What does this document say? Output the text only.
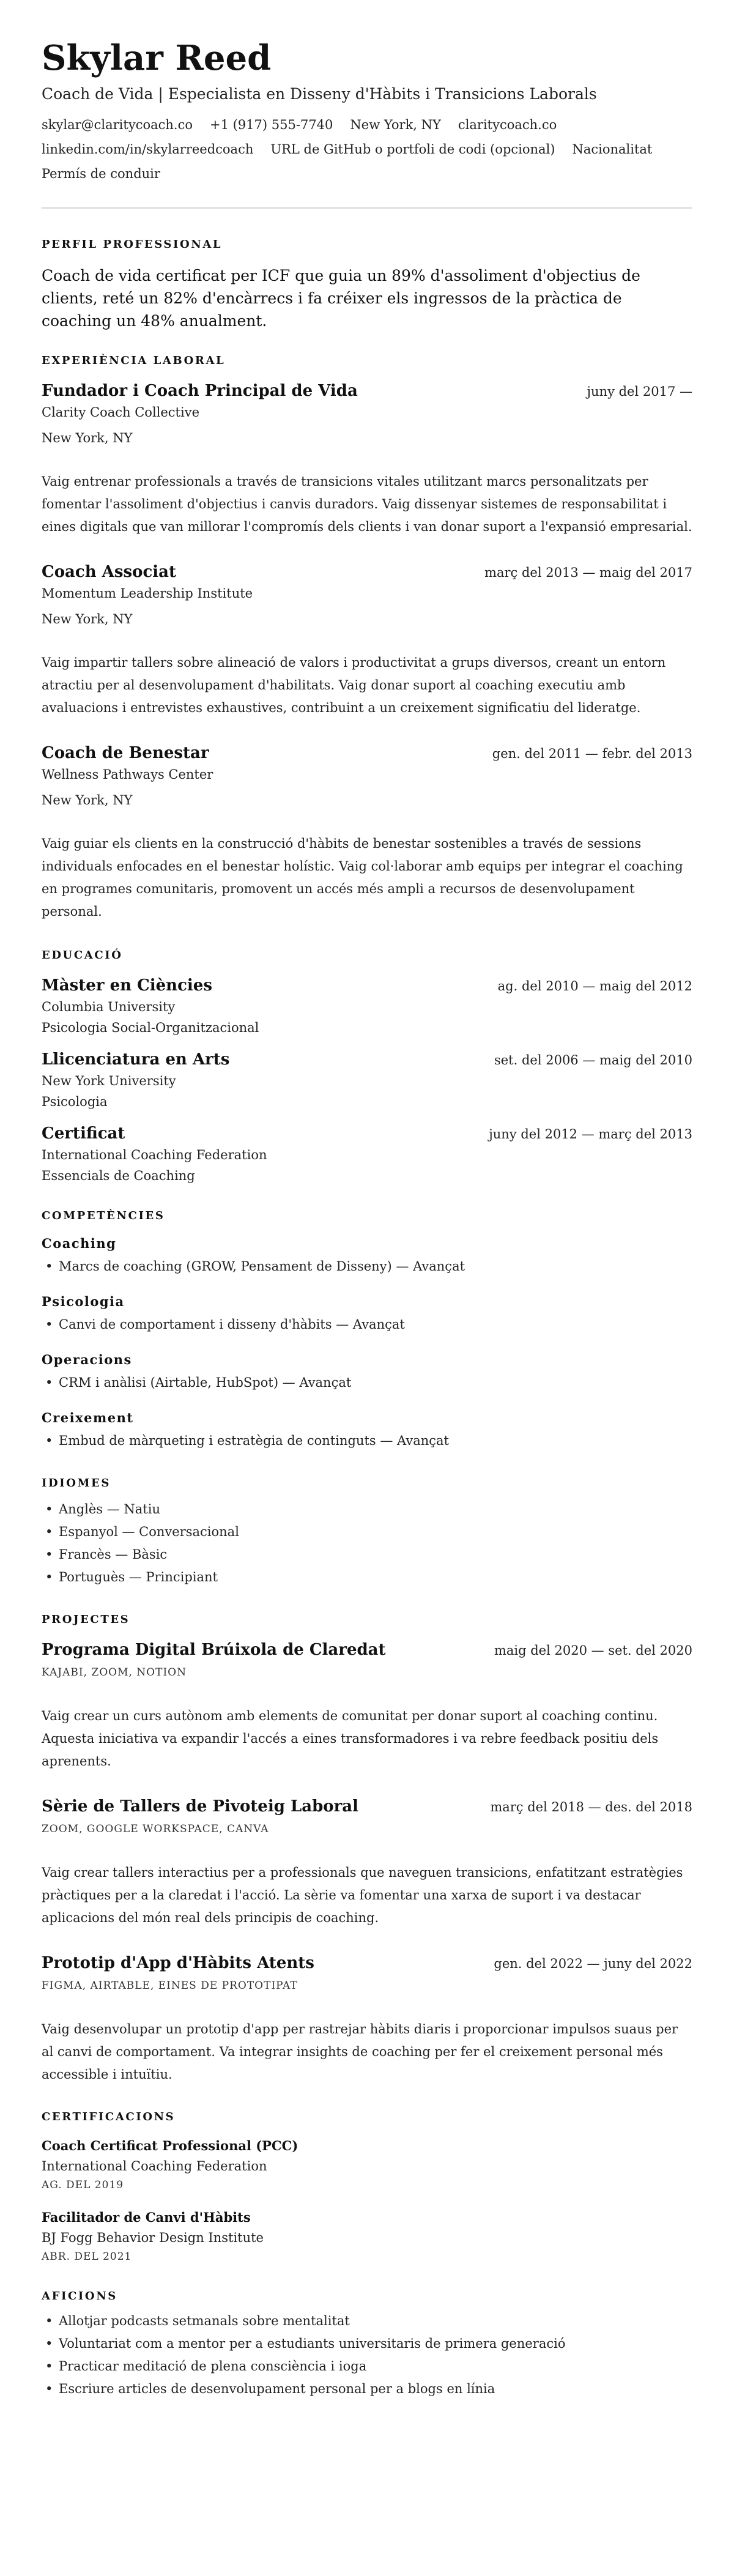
Skylar Reed
Coach de Vida | Especialista en Disseny d'Hàbits i Transicions Laborals
skylar@claritycoach.co +1 (917) 555-7740 New York, NY claritycoach.co
linkedin.com/in/skylarreedcoach URL de GitHub o portfoli de codi (opcional) Nacionalitat
Permís de conduir
PERFIL PROFESSIONAL

Coach de vida certificat per ICF que guia un 89% d'assoliment d'objectius de clients, reté un 82% d'encàrrecs i fa créixer els ingressos de la pràctica de coaching un 48% anualment.

EXPERIÈNCIA LABORAL
Fundador i Coach Principal de Vida	juny del 2017 —
Clarity Coach Collective
New York, NY

Vaig entrenar professionals a través de transicions vitales utilitzant marcs personalitzats per fomentar l'assoliment d'objectius i canvis duradors. Vaig dissenyar sistemes de responsabilitat i eines digitals que van millorar l'compromís dels clients i van donar suport a l'expansió empresarial.

Coach Associat	març del 2013 — maig del 2017
Momentum Leadership Institute
New York, NY

Vaig impartir tallers sobre alineació de valors i productivitat a grups diversos, creant un entorn atractiu per al desenvolupament d'habilitats. Vaig donar suport al coaching executiu amb avaluacions i entrevistes exhaustives, contribuint a un creixement significatiu del lideratge.

Coach de Benestar	gen. del 2011 — febr. del 2013
Wellness Pathways Center
New York, NY

Vaig guiar els clients en la construcció d'hàbits de benestar sostenibles a través de sessions individuals enfocades en el benestar holístic. Vaig col·laborar amb equips per integrar el coaching en programes comunitaris, promovent un accés més ampli a recursos de desenvolupament personal.

EDUCACIÓ
Màster en Ciències	ag. del 2010 — maig del 2012
Columbia University
Psicologia Social-Organitzacional
Llicenciatura en Arts	set. del 2006 — maig del 2010
New York University
Psicologia
Certificat	juny del 2012 — març del 2013
International Coaching Federation
Essencials de Coaching
COMPETÈNCIES
Coaching
• Marcs de coaching (GROW, Pensament de Disseny) — Avançat
Psicologia
• Canvi de comportament i disseny d'hàbits — Avançat
Operacions
• CRM i anàlisi (Airtable, HubSpot) — Avançat
Creixement
• Embud de màrqueting i estratègia de continguts — Avançat
IDIOMES
• Anglès — Natiu
• Espanyol — Conversacional
• Francès — Bàsic
• Portuguès — Principiant
PROJECTES
Programa Digital Brúixola de Claredat	maig del 2020 — set. del 2020
KAJABI, ZOOM, NOTION

Vaig crear un curs autònom amb elements de comunitat per donar suport al coaching continu. Aquesta iniciativa va expandir l'accés a eines transformadores i va rebre feedback positiu dels aprenents.

Sèrie de Tallers de Pivoteig Laboral	març del 2018 — des. del 2018
ZOOM, GOOGLE WORKSPACE, CANVA

Vaig crear tallers interactius per a professionals que naveguen transicions, enfatitzant estratègies pràctiques per a la claredat i l'acció. La sèrie va fomentar una xarxa de suport i va destacar aplicacions del món real dels principis de coaching.

Prototip d'App d'Hàbits Atents	gen. del 2022 — juny del 2022
FIGMA, AIRTABLE, EINES DE PROTOTIPAT

Vaig desenvolupar un prototip d'app per rastrejar hàbits diaris i proporcionar impulsos suaus per al canvi de comportament. Va integrar insights de coaching per fer el creixement personal més accessible i intuïtiu.

CERTIFICACIONS
Coach Certificat Professional (PCC)
International Coaching Federation
AG. DEL 2019
Facilitador de Canvi d'Hàbits
BJ Fogg Behavior Design Institute
ABR. DEL 2021
AFICIONS
• Allotjar podcasts setmanals sobre mentalitat
• Voluntariat com a mentor per a estudiants universitaris de primera generació
• Practicar meditació de plena consciència i ioga
• Escriure articles de desenvolupament personal per a blogs en línia
